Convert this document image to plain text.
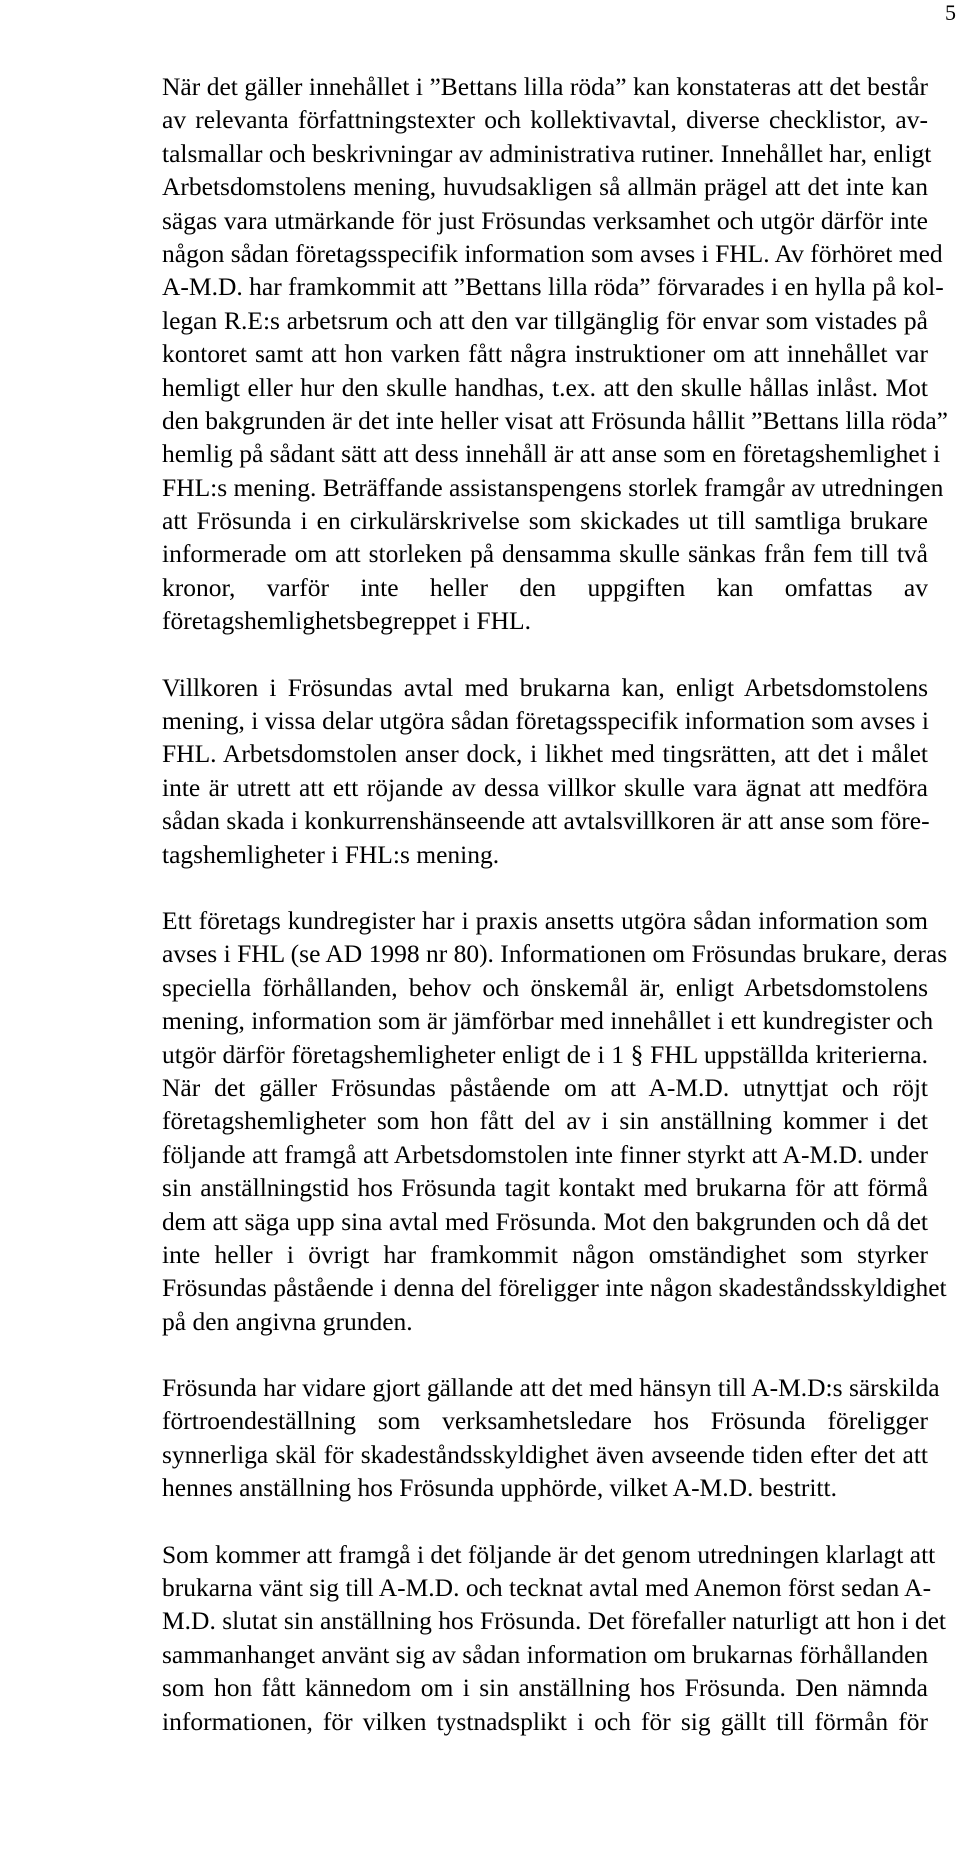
5
När det gäller innehållet i ”Bettans lilla röda” kan konstateras att det består
av relevanta författningstexter och kollektivavtal, diverse checklistor, av-
talsmallar och beskrivningar av administrativa rutiner. Innehållet har, enligt
Arbetsdomstolens mening, huvudsakligen så allmän prägel att det inte kan
sägas vara utmärkande för just Frösundas verksamhet och utgör därför inte
någon sådan företagsspecifik information som avses i FHL. Av förhöret med
A-M.D. har framkommit att ”Bettans lilla röda” förvarades i en hylla på kol-
legan R.E:s arbetsrum och att den var tillgänglig för envar som vistades på
kontoret samt att hon varken fått några instruktioner om att innehållet var
hemligt eller hur den skulle handhas, t.ex. att den skulle hållas inlåst. Mot
den bakgrunden är det inte heller visat att Frösunda hållit ”Bettans lilla röda”
hemlig på sådant sätt att dess innehåll är att anse som en företagshemlighet i
FHL:s mening. Beträffande assistanspengens storlek framgår av utredningen
att Frösunda i en cirkulärskrivelse som skickades ut till samtliga brukare
informerade om att storleken på densamma skulle sänkas från fem till två
kronor, varför inte heller den uppgiften kan omfattas av
företagshemlighetsbegreppet i FHL.
Villkoren i Frösundas avtal med brukarna kan, enligt Arbetsdomstolens
mening, i vissa delar utgöra sådan företagsspecifik information som avses i
FHL. Arbetsdomstolen anser dock, i likhet med tingsrätten, att det i målet
inte är utrett att ett röjande av dessa villkor skulle vara ägnat att medföra
sådan skada i konkurrenshänseende att avtalsvillkoren är att anse som före-
tagshemligheter i FHL:s mening.
Ett företags kundregister har i praxis ansetts utgöra sådan information som
avses i FHL (se AD 1998 nr 80). Informationen om Frösundas brukare, deras
speciella förhållanden, behov och önskemål är, enligt Arbetsdomstolens
mening, information som är jämförbar med innehållet i ett kundregister och
utgör därför företagshemligheter enligt de i 1 § FHL uppställda kriterierna.
När det gäller Frösundas påstående om att A-M.D. utnyttjat och röjt
företagshemligheter som hon fått del av i sin anställning kommer i det
följande att framgå att Arbetsdomstolen inte finner styrkt att A-M.D. under
sin anställningstid hos Frösunda tagit kontakt med brukarna för att förmå
dem att säga upp sina avtal med Frösunda. Mot den bakgrunden och då det
inte heller i övrigt har framkommit någon omständighet som styrker
Frösundas påstående i denna del föreligger inte någon skadeståndsskyldighet
på den angivna grunden.
Frösunda har vidare gjort gällande att det med hänsyn till A-M.D:s särskilda
förtroendeställning som verksamhetsledare hos Frösunda föreligger
synnerliga skäl för skadeståndsskyldighet även avseende tiden efter det att
hennes anställning hos Frösunda upphörde, vilket A-M.D. bestritt.
Som kommer att framgå i det följande är det genom utredningen klarlagt att
brukarna vänt sig till A-M.D. och tecknat avtal med Anemon först sedan A-
M.D. slutat sin anställning hos Frösunda. Det förefaller naturligt att hon i det
sammanhanget använt sig av sådan information om brukarnas förhållanden
som hon fått kännedom om i sin anställning hos Frösunda. Den nämnda
informationen, för vilken tystnadsplikt i och för sig gällt till förmån för
